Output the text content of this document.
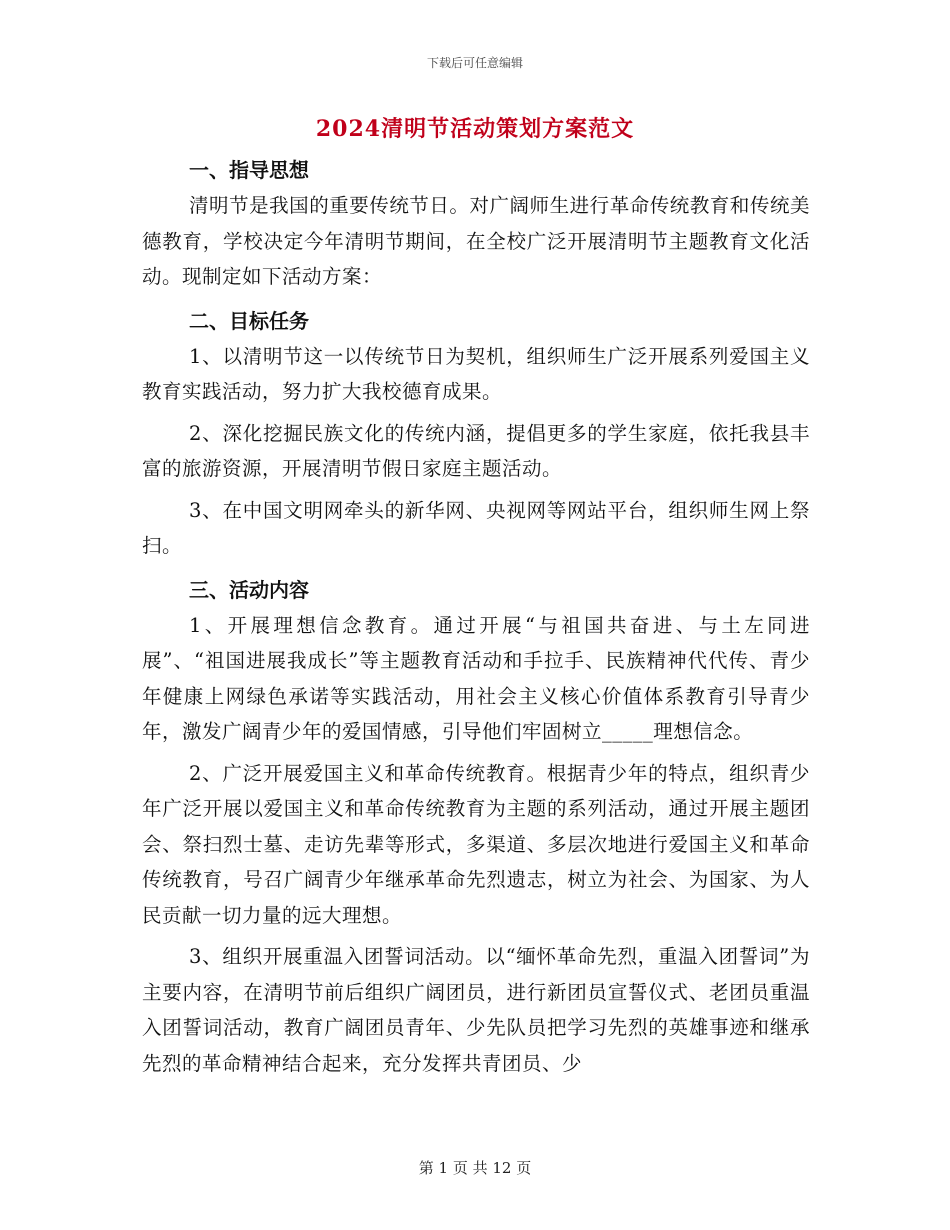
下载后可任意编辑
2024清明节活动策划方案范文
一、指导思想

清明节是我国的重要传统节日。对广阔师生进行革命传统教育和传统美德教育，学校决定今年清明节期间，在全校广泛开展清明节主题教育文化活动。现制定如下活动方案：

二、目标任务

1、以清明节这一以传统节日为契机，组织师生广泛开展系列爱国主义教育实践活动，努力扩大我校德育成果。

2、深化挖掘民族文化的传统内涵，提倡更多的学生家庭，依托我县丰富的旅游资源，开展清明节假日家庭主题活动。

3、在中国文明网牵头的新华网、央视网等网站平台，组织师生网上祭扫。

三、活动内容

1、开展理想信念教育。通过开展“与祖国共奋进、与土左同进展”、“祖国进展我成长”等主题教育活动和手拉手、民族精神代代传、青少年健康上网绿色承诺等实践活动，用社会主义核心价值体系教育引导青少年，激发广阔青少年的爱国情感，引导他们牢固树立_____理想信念。

2、广泛开展爱国主义和革命传统教育。根据青少年的特点，组织青少年广泛开展以爱国主义和革命传统教育为主题的系列活动，通过开展主题团会、祭扫烈士墓、走访先辈等形式，多渠道、多层次地进行爱国主义和革命传统教育，号召广阔青少年继承革命先烈遗志，树立为社会、为国家、为人民贡献一切力量的远大理想。

3、组织开展重温入团誓词活动。以“缅怀革命先烈，重温入团誓词”为主要内容，在清明节前后组织广阔团员，进行新团员宣誓仪式、老团员重温入团誓词活动，教育广阔团员青年、少先队员把学习先烈的英雄事迹和继承先烈的革命精神结合起来，充分发挥共青团员、少

第 1 页 共 12 页
